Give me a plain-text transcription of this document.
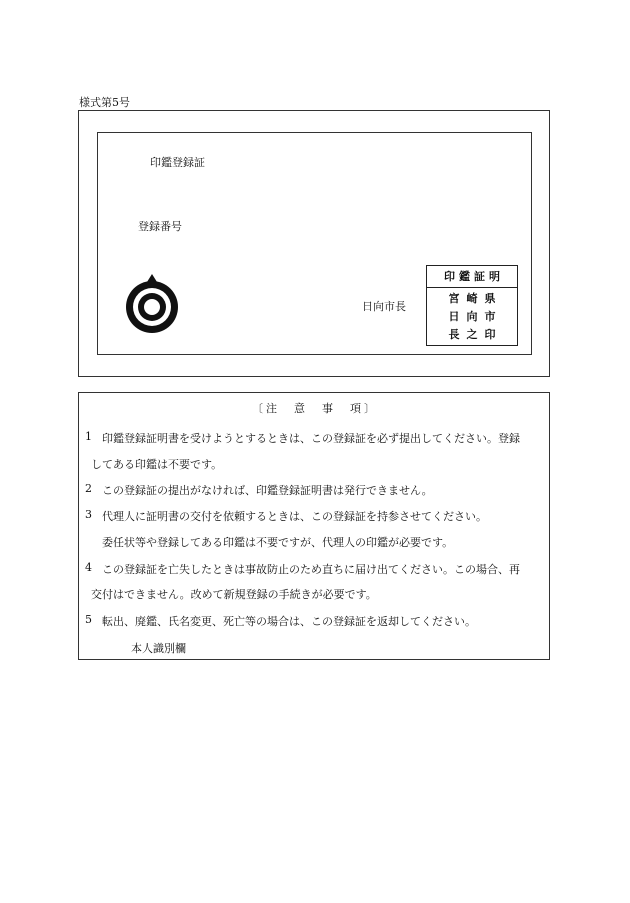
様式第5号
印鑑登録証
登録番号
日向市長
印鑑証明
宮崎県
日向市
長之印
〔注　意　事　項〕
1 印鑑登録証明書を受けようとするときは、この登録証を必ず提出してください。登録
してある印鑑は不要です。
2 この登録証の提出がなければ、印鑑登録証明書は発行できません。
3 代理人に証明書の交付を依頼するときは、この登録証を持参させてください。
委任状等や登録してある印鑑は不要ですが、代理人の印鑑が必要です。
4 この登録証を亡失したときは事故防止のため直ちに届け出てください。この場合、再
交付はできません。改めて新規登録の手続きが必要です。
5 転出、廃鑑、氏名変更、死亡等の場合は、この登録証を返却してください。
本人識別欄
